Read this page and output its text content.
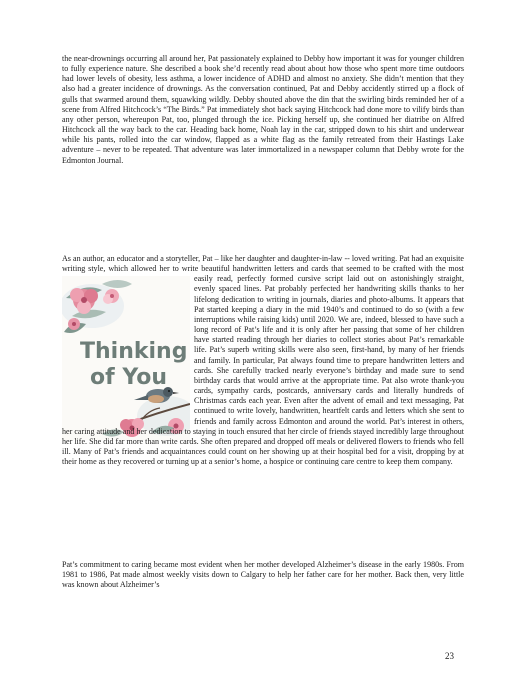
the near-drownings occurring all around her, Pat passionately explained to Debby how important it was for younger children to fully experience nature. She described a book she’d recently read about about how those who spent more time outdoors had lower levels of obesity, less asthma, a lower incidence of ADHD and almost no anxiety. She didn’t mention that they also had a greater incidence of drownings. As the conversation continued, Pat and Debby accidently stirred up a flock of gulls that swarmed around them, squawking wildly. Debby shouted above the din that the swirling birds reminded her of a scene from Alfred Hitchcock’s “The Birds.” Pat immediately shot back saying Hitchcock had done more to vilify birds than any other person, whereupon Pat, too, plunged through the ice. Picking herself up, she continued her diatribe on Alfred Hitchcock all the way back to the car. Heading back home, Noah lay in the car, stripped down to his shirt and underwear while his pants, rolled into the car window, flapped as a white flag as the family retreated from their Hastings Lake adventure – never to be repeated. That adventure was later immortalized in a newspaper column that Debby wrote for the Edmonton Journal.

Thinking
of You

As an author, an educator and a storyteller, Pat – like her daughter and daughter-in-law -- loved writing. Pat had an exquisite writing style, which allowed her to write beautiful handwritten letters and cards that seemed to be crafted with the most easily read, perfectly formed cursive script laid out on astonishingly straight, evenly spaced lines. Pat probably perfected her handwriting skills thanks to her lifelong dedication to writing in journals, diaries and photo-albums. It appears that Pat started keeping a diary in the mid 1940’s and continued to do so (with a few interruptions while raising kids) until 2020. We are, indeed, blessed to have such a long record of Pat’s life and it is only after her passing that some of her children have started reading through her diaries to collect stories about Pat’s remarkable life. Pat’s superb writing skills were also seen, first-hand, by many of her friends and family. In particular, Pat always found time to prepare handwritten letters and cards. She carefully tracked nearly everyone’s birthday and made sure to send birthday cards that would arrive at the appropriate time. Pat also wrote thank-you cards, sympathy cards, postcards, anniversary cards and literally hundreds of Christmas cards each year. Even after the advent of email and text messaging, Pat continued to write lovely, handwritten, heartfelt cards and letters which she sent to friends and family across Edmonton and around the world. Pat’s interest in others, her caring attitude and her dedication to staying in touch ensured that her circle of friends stayed incredibly large throughout her life. She did far more than write cards. She often prepared and dropped off meals or delivered flowers to friends who fell ill. Many of Pat’s friends and acquaintances could count on her showing up at their hospital bed for a visit, dropping by at their home as they recovered or turning up at a senior’s home, a hospice or continuing care centre to keep them company.

Pat’s commitment to caring became most evident when her mother developed Alzheimer’s disease in the early 1980s. From 1981 to 1986, Pat made almost weekly visits down to Calgary to help her father care for her mother. Back then, very little was known about Alzheimer’s

23
